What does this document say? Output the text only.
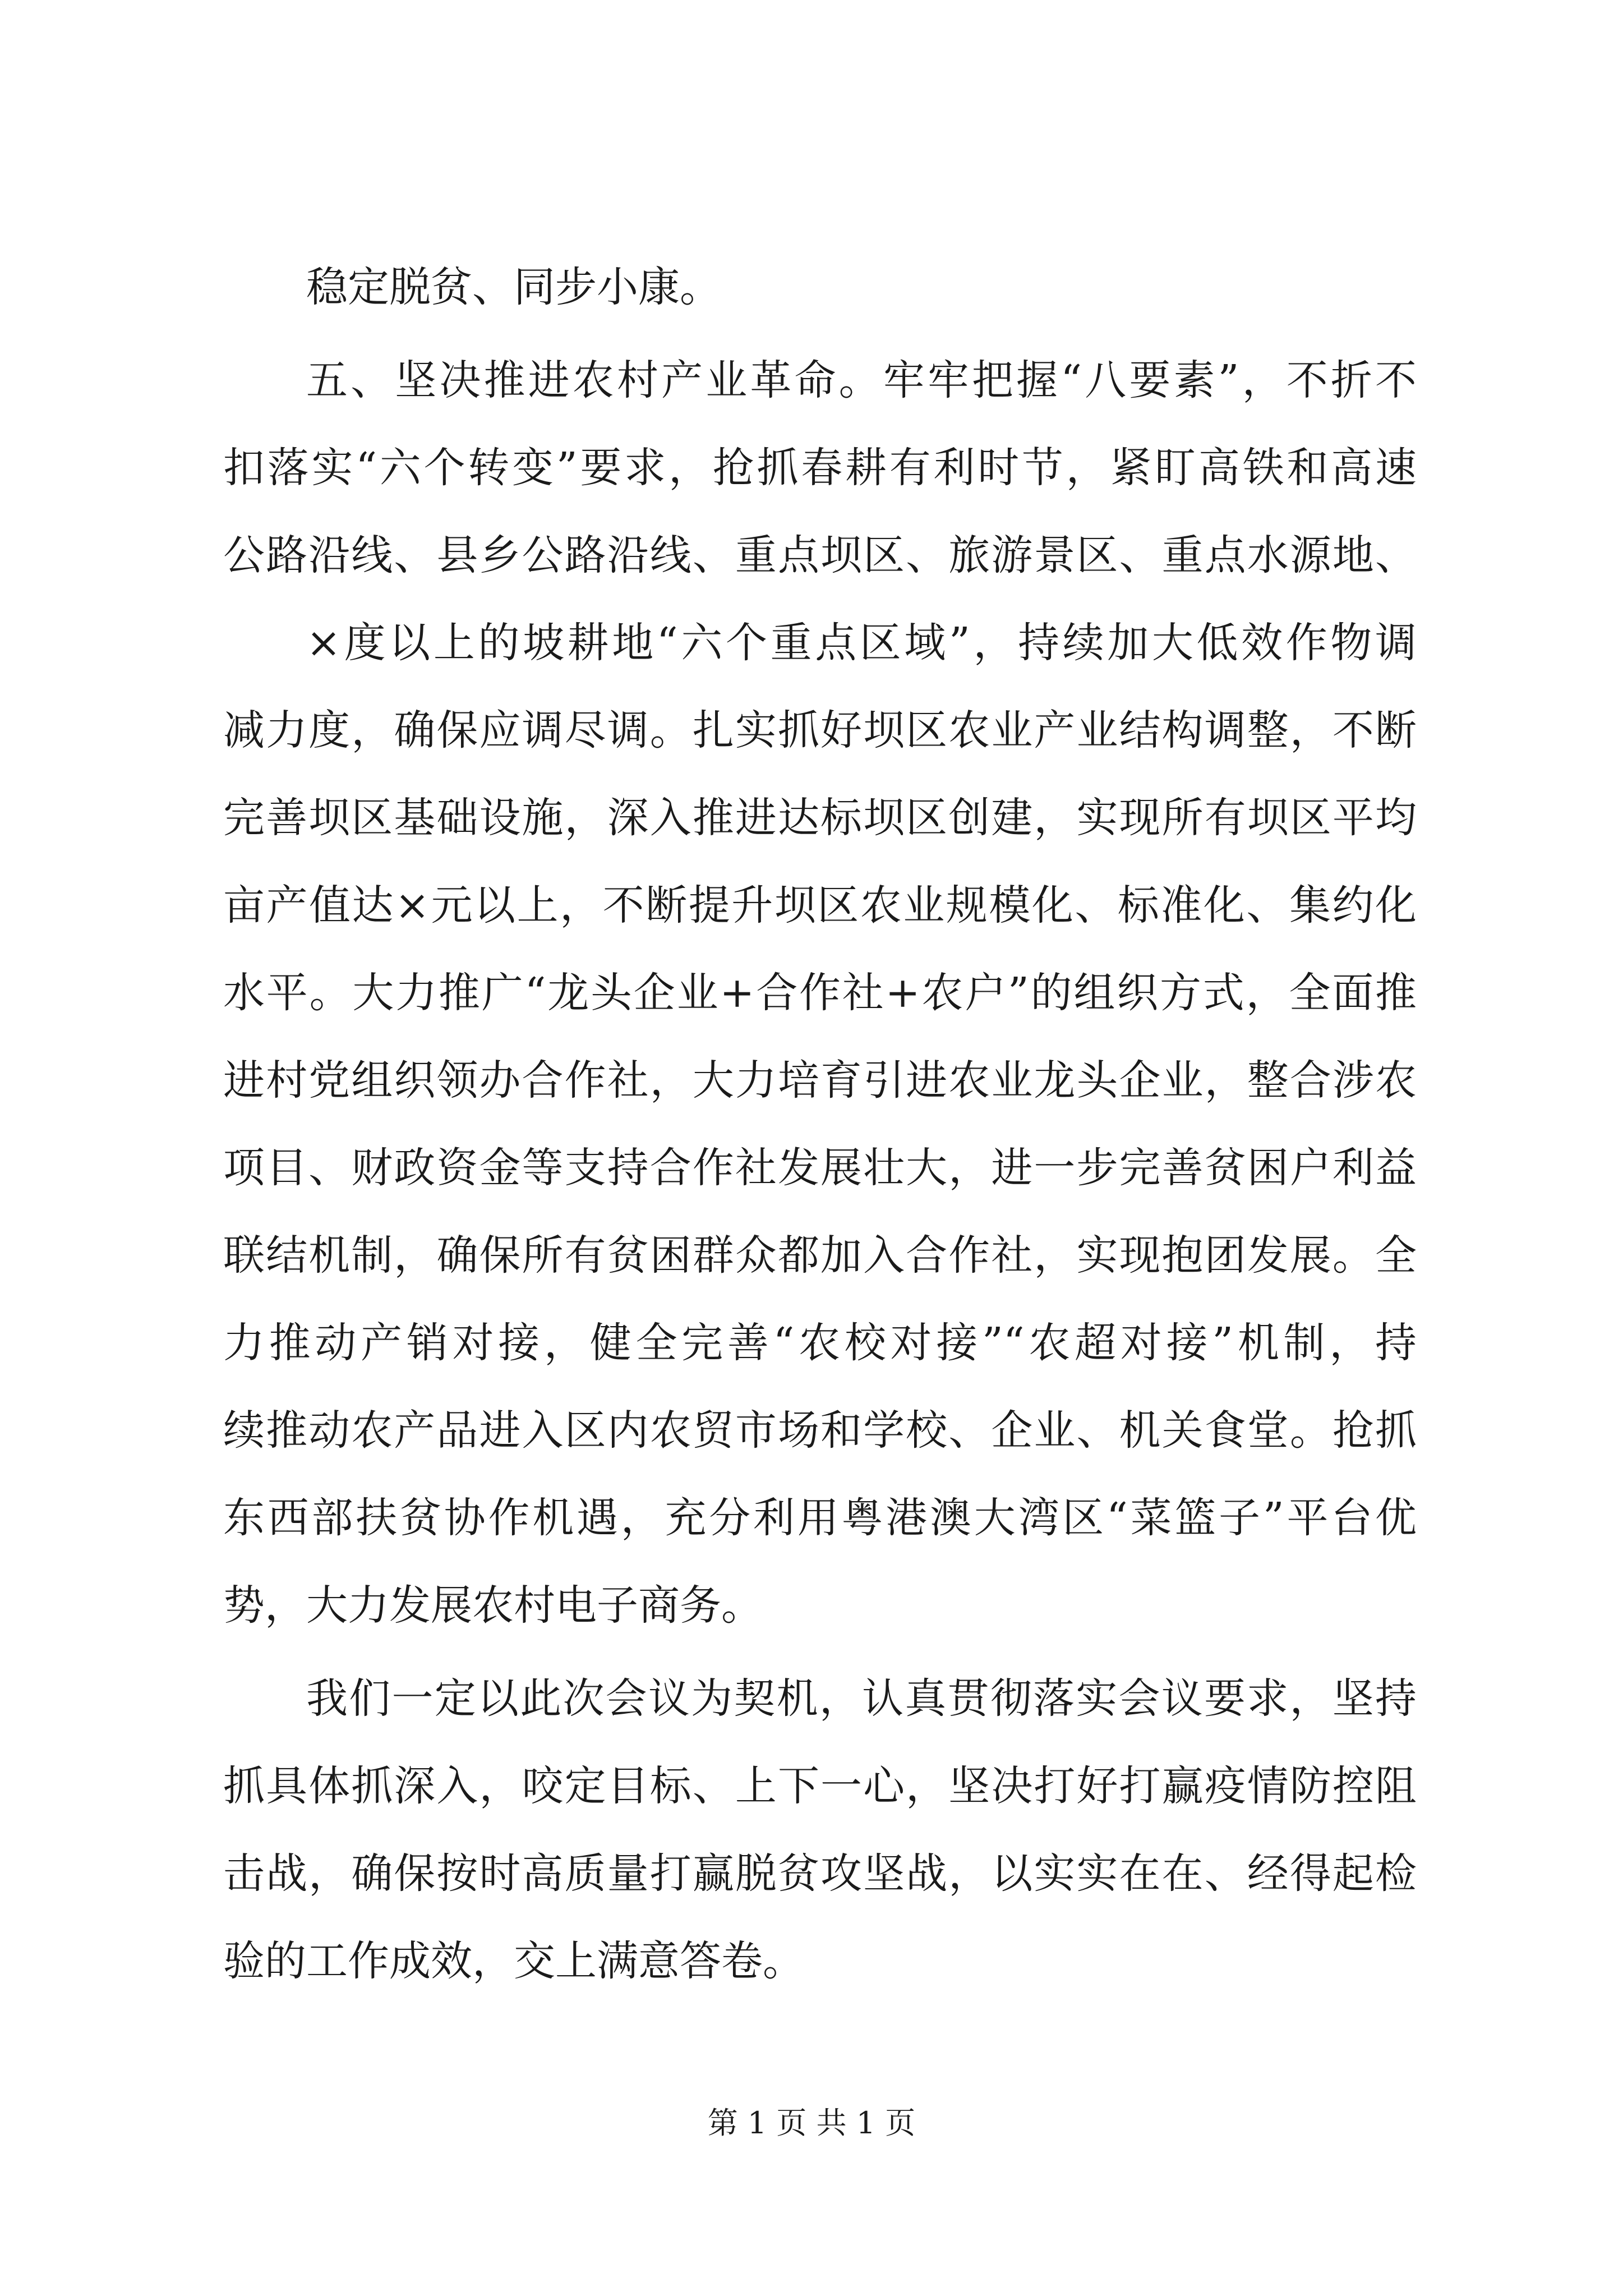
稳定脱贫、同步小康。
五、坚决推进农村产业革命。牢牢把握“八要素”，不折不
扣落实“六个转变”要求，抢抓春耕有利时节，紧盯高铁和高速
公路沿线、县乡公路沿线、重点坝区、旅游景区、重点水源地、
×度以上的坡耕地“六个重点区域”，持续加大低效作物调
减力度，确保应调尽调。扎实抓好坝区农业产业结构调整，不断
完善坝区基础设施，深入推进达标坝区创建，实现所有坝区平均
亩产值达×元以上，不断提升坝区农业规模化、标准化、集约化
水平。大力推广“龙头企业+合作社+农户”的组织方式，全面推
进村党组织领办合作社，大力培育引进农业龙头企业，整合涉农
项目、财政资金等支持合作社发展壮大，进一步完善贫困户利益
联结机制，确保所有贫困群众都加入合作社，实现抱团发展。全
力推动产销对接，健全完善“农校对接”“农超对接”机制，持
续推动农产品进入区内农贸市场和学校、企业、机关食堂。抢抓
东西部扶贫协作机遇，充分利用粤港澳大湾区“菜篮子”平台优
势，大力发展农村电子商务。
我们一定以此次会议为契机，认真贯彻落实会议要求，坚持
抓具体抓深入，咬定目标、上下一心，坚决打好打赢疫情防控阻
击战，确保按时高质量打赢脱贫攻坚战，以实实在在、经得起检
验的工作成效，交上满意答卷。
第 1 页 共 1 页
